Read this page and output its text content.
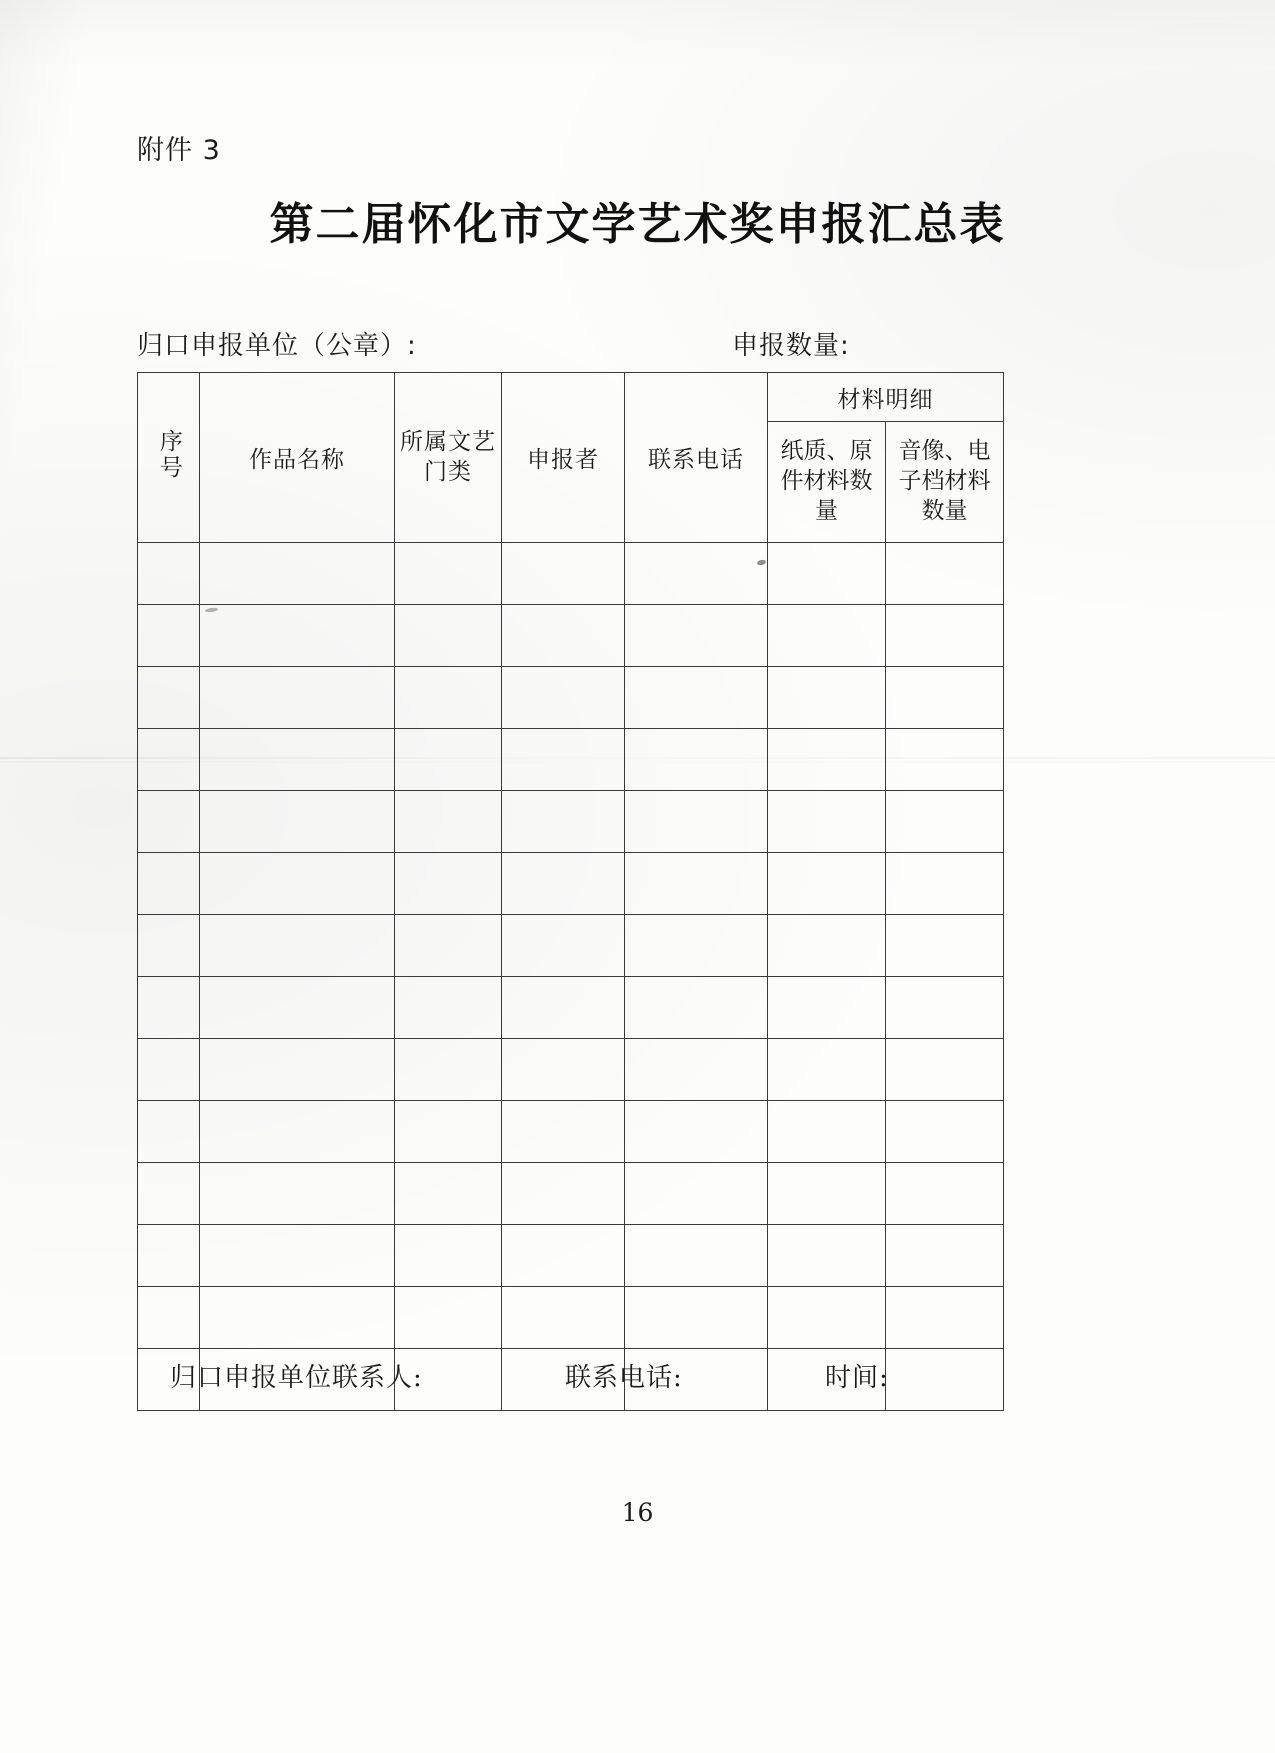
附件 3
第二届怀化市文学艺术奖申报汇总表
归口申报单位（公章）:	申报数量:
序号	作品名称	所属文艺门类	申报者	联系电话	材料明细	

					纸质、原件材料数量	音像、电子档材料数量

归口申报单位联系人:	联系电话:	时间:
16
